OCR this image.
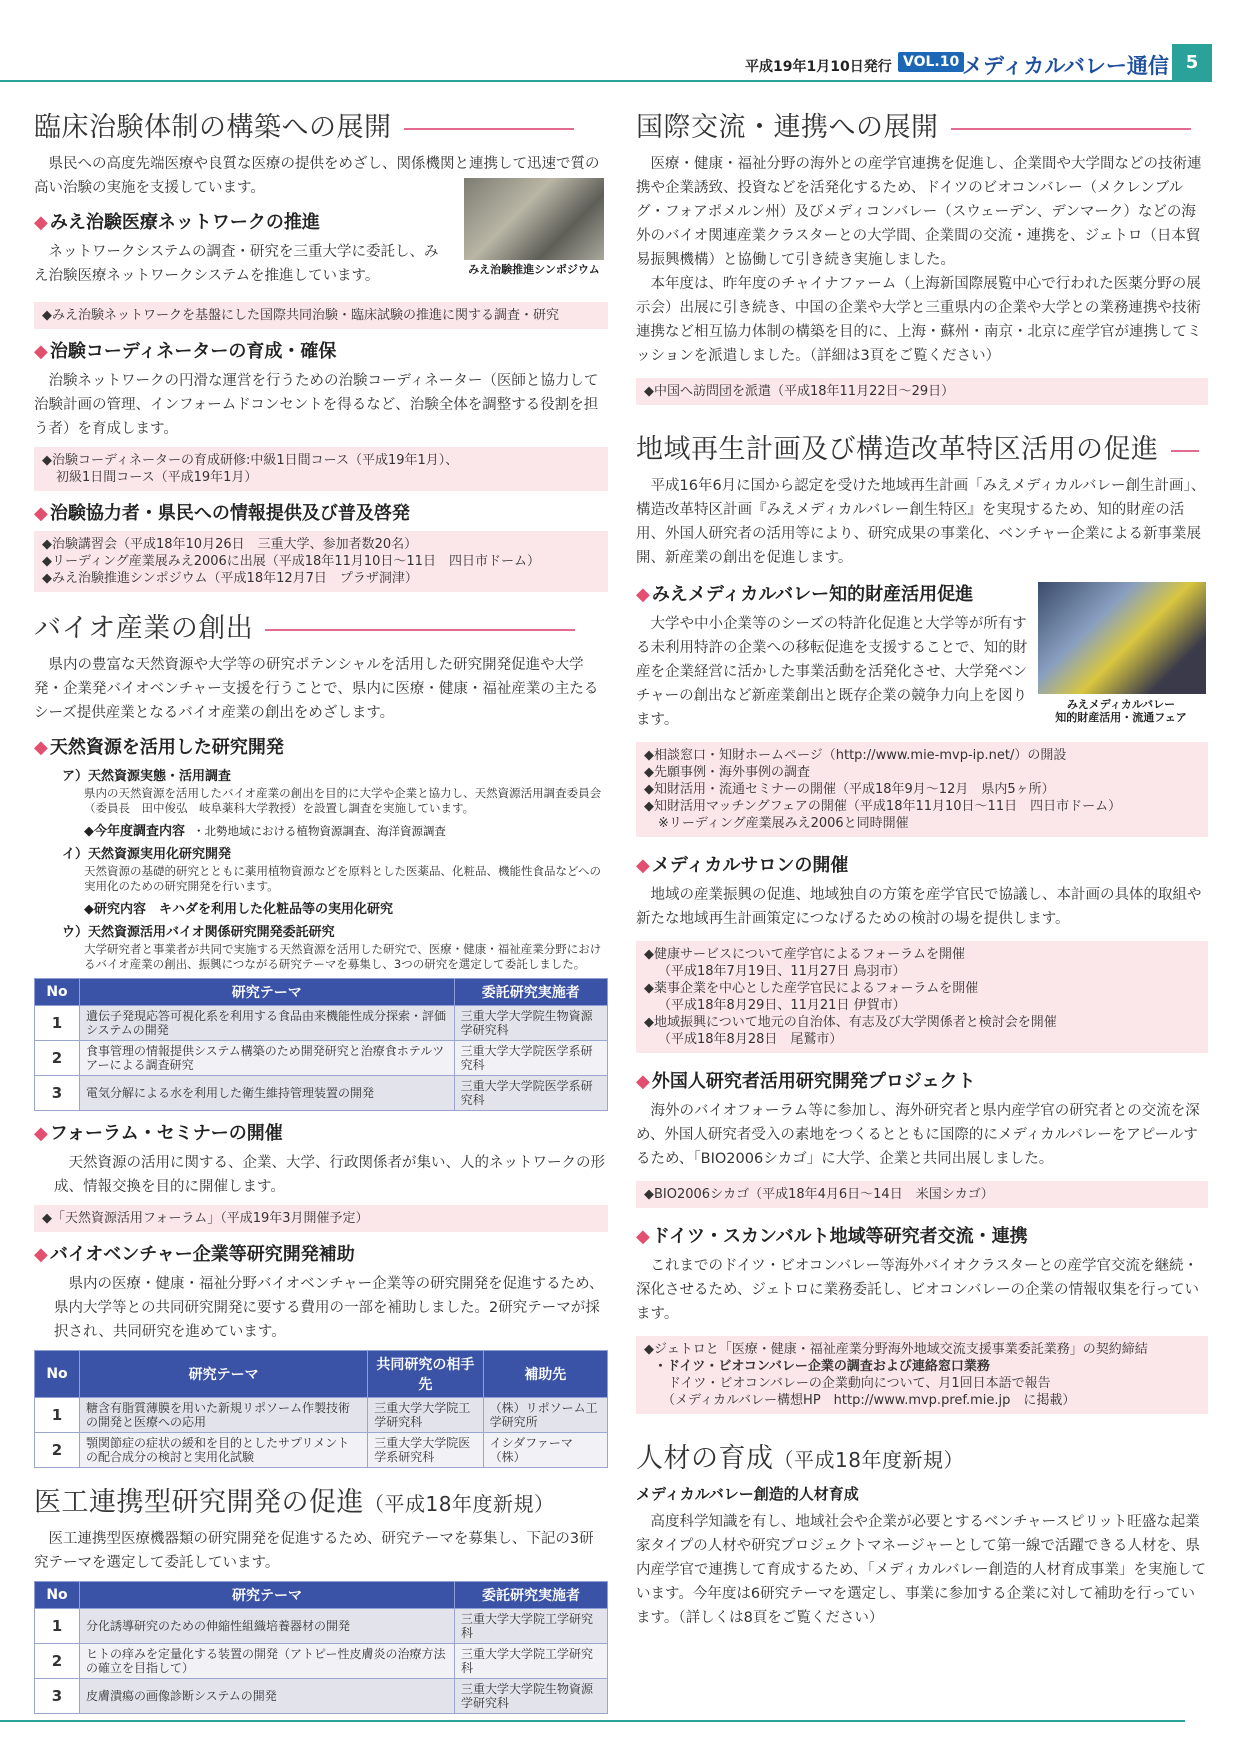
平成19年1月10日発行 VOL.10 メディカルバレー通信 5
臨床治験体制の構築への展開

県民への高度先端医療や良質な医療の提供をめざし、関係機関と連携して迅速で質の高い治験の実施を支援しています。

◆ みえ治験医療ネットワークの推進

ネットワークシステムの調査・研究を三重大学に委託し、みえ治験医療ネットワークシステムを推進しています。	みえ治験推進シンポジウム
◆みえ治験ネットワークを基盤にした国際共同治験・臨床試験の推進に関する調査・研究
◆ 治験コーディネーターの育成・確保

治験ネットワークの円滑な運営を行うための治験コーディネーター（医師と協力して治験計画の管理、インフォームドコンセントを得るなど、治験全体を調整する役割を担う者）を育成します。

◆治験コーディネーターの育成研修:中級1日間コース（平成19年1月）、
初級1日間コース（平成19年1月）
◆ 治験協力者・県民への情報提供及び普及啓発
◆治験講習会（平成18年10月26日　三重大学、参加者数20名）
◆リーディング産業展みえ2006に出展（平成18年11月10日〜11日　四日市ドーム）
◆みえ治験推進シンポジウム（平成18年12月7日　プラザ洞津）
バイオ産業の創出

県内の豊富な天然資源や大学等の研究ポテンシャルを活用した研究開発促進や大学発・企業発バイオベンチャー支援を行うことで、県内に医療・健康・福祉産業の主たるシーズ提供産業となるバイオ産業の創出をめざします。

◆ 天然資源を活用した研究開発
ア）天然資源実態・活用調査
県内の天然資源を活用したバイオ産業の創出を目的に大学や企業と協力し、天然資源活用調査委員会（委員長　田中俊弘　岐阜薬科大学教授）を設置し調査を実施しています。
◆今年度調査内容 ・北勢地域における植物資源調査、海洋資源調査
イ）天然資源実用化研究開発
天然資源の基礎的研究とともに薬用植物資源などを原料とした医薬品、化粧品、機能性食品などへの実用化のための研究開発を行います。
◆研究内容　キハダを利用した化粧品等の実用化研究
ウ）天然資源活用バイオ関係研究開発委託研究
大学研究者と事業者が共同で実施する天然資源を活用した研究で、医療・健康・福祉産業分野におけるバイオ産業の創出、振興につながる研究テーマを募集し、3つの研究を選定して委託しました。
No	研究テーマ	委託研究実施者
1	遺伝子発現応答可視化系を利用する食品由来機能性成分探索・評価システムの開発	三重大学大学院生物資源学研究科
2	食事管理の情報提供システム構築のため開発研究と治療食ホテルツアーによる調査研究	三重大学大学院医学系研究科
3	電気分解による水を利用した衛生維持管理装置の開発	三重大学大学院医学系研究科
◆ フォーラム・セミナーの開催

天然資源の活用に関する、企業、大学、行政関係者が集い、人的ネットワークの形成、情報交換を目的に開催します。

◆「天然資源活用フォーラム」（平成19年3月開催予定）
◆ バイオベンチャー企業等研究開発補助

県内の医療・健康・福祉分野バイオベンチャー企業等の研究開発を促進するため、県内大学等との共同研究開発に要する費用の一部を補助しました。2研究テーマが採択され、共同研究を進めています。

No	研究テーマ	共同研究の相手先	補助先
1	糖含有脂質薄膜を用いた新規リポソーム作製技術の開発と医療への応用	三重大学大学院工学研究科	（株）リポソーム工学研究所
2	顎関節症の症状の緩和を目的としたサプリメントの配合成分の検討と実用化試験	三重大学大学院医学系研究科	イシダファーマ（株）
医工連携型研究開発の促進（平成18年度新規）

医工連携型医療機器類の研究開発を促進するため、研究テーマを募集し、下記の3研究テーマを選定して委託しています。

No	研究テーマ	委託研究実施者
1	分化誘導研究のための伸縮性組織培養器材の開発	三重大学大学院工学研究科
2	ヒトの痒みを定量化する装置の開発（アトピー性皮膚炎の治療方法の確立を目指して）	三重大学大学院工学研究科
3	皮膚潰瘍の画像診断システムの開発	三重大学大学院生物資源学研究科
国際交流・連携への展開

医療・健康・福祉分野の海外との産学官連携を促進し、企業間や大学間などの技術連携や企業誘致、投資などを活発化するため、ドイツのビオコンバレー（メクレンブルグ・フォアポメルン州）及びメディコンバレー（スウェーデン、デンマーク）などの海外のバイオ関連産業クラスターとの大学間、企業間の交流・連携を、ジェトロ（日本貿易振興機構）と協働して引き続き実施しました。

本年度は、昨年度のチャイナファーム（上海新国際展覧中心で行われた医薬分野の展示会）出展に引き続き、中国の企業や大学と三重県内の企業や大学との業務連携や技術連携など相互協力体制の構築を目的に、上海・蘇州・南京・北京に産学官が連携してミッションを派遣しました。（詳細は3頁をご覧ください）

◆中国へ訪問団を派遣（平成18年11月22日〜29日）
地域再生計画及び構造改革特区活用の促進

平成16年6月に国から認定を受けた地域再生計画「みえメディカルバレー創生計画」、構造改革特区計画『みえメディカルバレー創生特区』を実現するため、知的財産の活用、外国人研究者の活用等により、研究成果の事業化、ベンチャー企業による新事業展開、新産業の創出を促進します。

◆ みえメディカルバレー知的財産活用促進

大学や中小企業等のシーズの特許化促進と大学等が所有する未利用特許の企業への移転促進を支援することで、知的財産を企業経営に活かした事業活動を活発化させ、大学発ベンチャーの創出など新産業創出と既存企業の競争力向上を図ります。

みえメディカルバレー
知的財産活用・流通フェア
◆相談窓口・知財ホームページ（http://www.mie-mvp-ip.net/）の開設
◆先願事例・海外事例の調査
◆知財活用・流通セミナーの開催（平成18年9月〜12月　県内5ヶ所）
◆知財活用マッチングフェアの開催（平成18年11月10日〜11日　四日市ドーム）
※リーディング産業展みえ2006と同時開催
◆ メディカルサロンの開催

地域の産業振興の促進、地域独自の方策を産学官民で協議し、本計画の具体的取組や新たな地域再生計画策定につなげるための検討の場を提供します。

◆健康サービスについて産学官によるフォーラムを開催
（平成18年7月19日、11月27日 鳥羽市）
◆薬事企業を中心とした産学官民によるフォーラムを開催
（平成18年8月29日、11月21日 伊賀市）
◆地域振興について地元の自治体、有志及び大学関係者と検討会を開催
（平成18年8月28日　尾鷲市）
◆ 外国人研究者活用研究開発プロジェクト

海外のバイオフォーラム等に参加し、海外研究者と県内産学官の研究者との交流を深め、外国人研究者受入の素地をつくるとともに国際的にメディカルバレーをアピールするため、「BIO2006シカゴ」に大学、企業と共同出展しました。

◆BIO2006シカゴ（平成18年4月6日〜14日　米国シカゴ）
◆ ドイツ・スカンバルト地域等研究者交流・連携

これまでのドイツ・ビオコンバレー等海外バイオクラスターとの産学官交流を継続・深化させるため、ジェトロに業務委託し、ビオコンバレーの企業の情報収集を行っています。

◆ジェトロと「医療・健康・福祉産業分野海外地域交流支援事業委託業務」の契約締結
・ドイツ・ビオコンバレー企業の調査および連絡窓口業務
ドイツ・ビオコンバレーの企業動向について、月1回日本語で報告
（メディカルバレー構想HP　http://www.mvp.pref.mie.jp　に掲載）
人材の育成（平成18年度新規）
メディカルバレー創造的人材育成

高度科学知識を有し、地域社会や企業が必要とするベンチャースピリット旺盛な起業家タイプの人材や研究プロジェクトマネージャーとして第一線で活躍できる人材を、県内産学官で連携して育成するため、「メディカルバレー創造的人材育成事業」を実施しています。今年度は6研究テーマを選定し、事業に参加する企業に対して補助を行っています。（詳しくは8頁をご覧ください）
